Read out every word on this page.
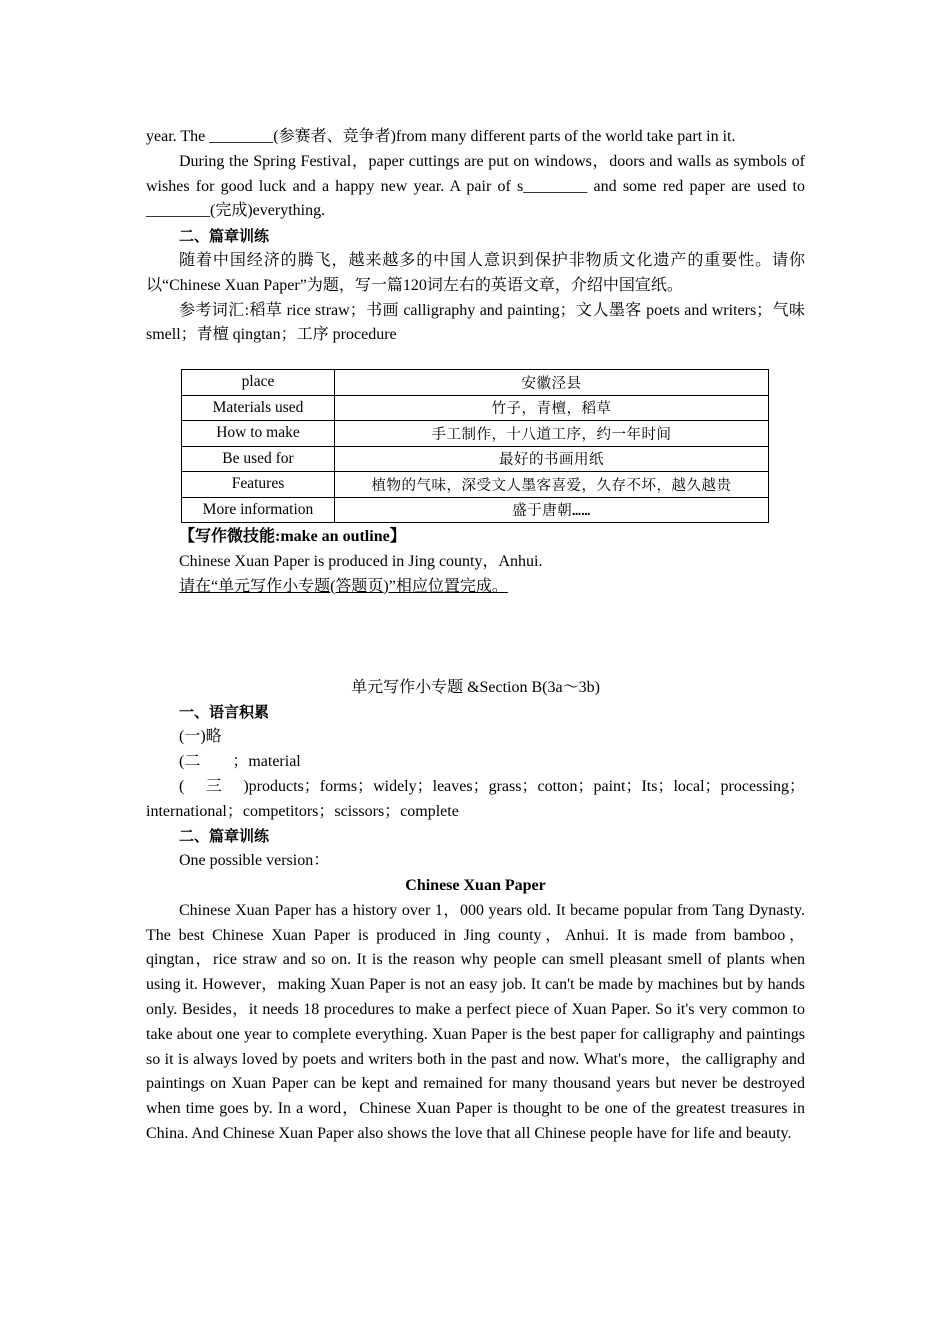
year. The ________(参赛者、竞争者)from many different parts of the world take part in it.

During the Spring Festival，paper cuttings are put on windows，doors and walls as symbols of wishes for good luck and a happy new year. A pair of s________ and some red paper are used to ________(完成)everything.

二、篇章训练

随着中国经济的腾飞，越来越多的中国人意识到保护非物质文化遗产的重要性。请你以“Chinese Xuan Paper”为题，写一篇120词左右的英语文章，介绍中国宣纸。

参考词汇:稻草 rice straw；书画 calligraphy and painting；文人墨客 poets and writers；气味 smell；青檀 qingtan；工序 procedure

place	安徽泾县
Materials used	竹子，青檀，稻草
How to make	手工制作，十八道工序，约一年时间
Be used for	最好的书画用纸
Features	植物的气味，深受文人墨客喜爱，久存不坏，越久越贵
More information	盛于唐朝……

【写作微技能:make an outline】

Chinese Xuan Paper is produced in Jing county，Anhui.

请在“单元写作小专题(答题页)”相应位置完成。

单元写作小专题 &Section B(3a～3b)

一、语言积累

(一)略

(二　　；material

(三)products；forms；widely；leaves；grass；cotton；paint；Its；local；processing；international；competitors；scissors；complete

二、篇章训练

One possible version：

Chinese Xuan Paper

Chinese Xuan Paper has a history over 1，000 years old. It became popular from Tang Dynasty. The best Chinese Xuan Paper is produced in Jing county，Anhui. It is made from bamboo，qingtan，rice straw and so on. It is the reason why people can smell pleasant smell of plants when using it. However，making Xuan Paper is not an easy job. It can't be made by machines but by hands only. Besides，it needs 18 procedures to make a perfect piece of Xuan Paper. So it's very common to take about one year to complete everything. Xuan Paper is the best paper for calligraphy and paintings so it is always loved by poets and writers both in the past and now. What's more，the calligraphy and paintings on Xuan Paper can be kept and remained for many thousand years but never be destroyed when time goes by. In a word，Chinese Xuan Paper is thought to be one of the greatest treasures in China. And Chinese Xuan Paper also shows the love that all Chinese people have for life and beauty.
